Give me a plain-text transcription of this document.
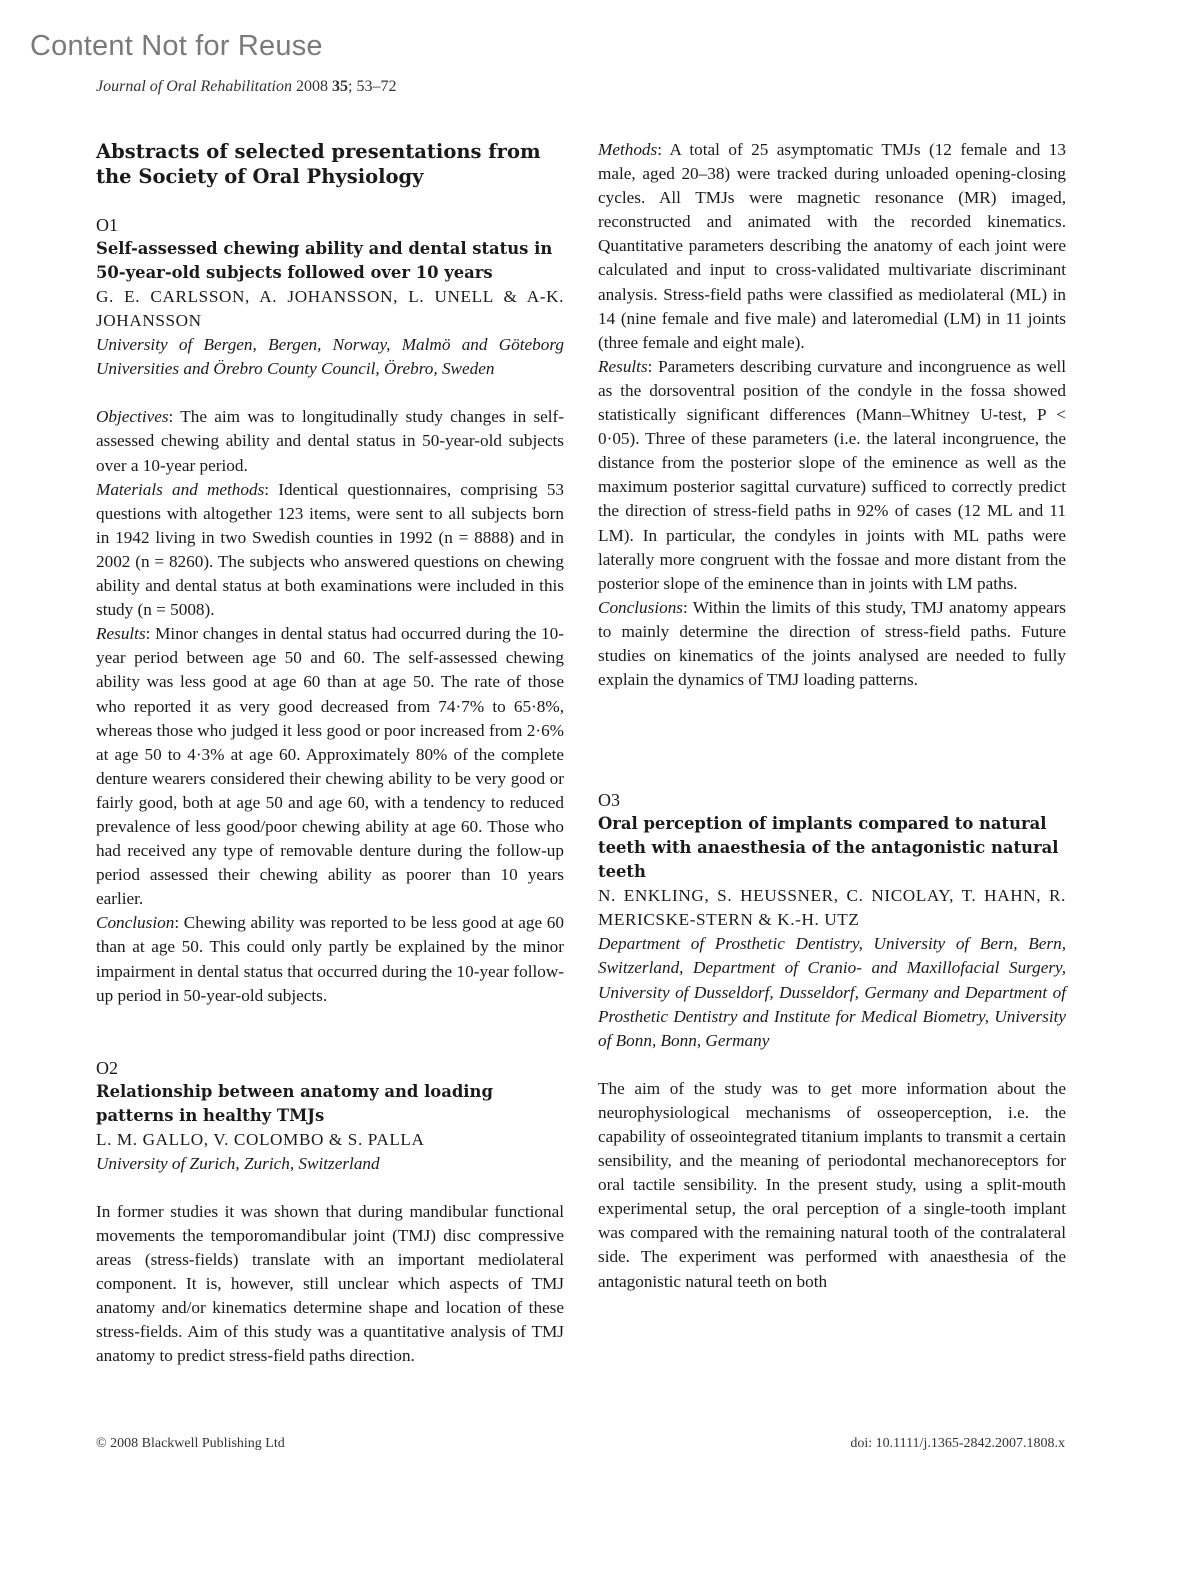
Content Not for Reuse
Journal of Oral Rehabilitation 2008 35; 53–72
Abstracts of selected presentations from the Society of Oral Physiology
O1
Self-assessed chewing ability and dental status in 50-year-old subjects followed over 10 years
G. E. CARLSSON, A. JOHANSSON, L. UNELL & A-K. JOHANSSON
University of Bergen, Bergen, Norway, Malmö and Göteborg Universities and Örebro County Council, Örebro, Sweden
Objectives: The aim was to longitudinally study changes in self-assessed chewing ability and dental status in 50-year-old subjects over a 10-year period.
Materials and methods: Identical questionnaires, comprising 53 questions with altogether 123 items, were sent to all subjects born in 1942 living in two Swedish counties in 1992 (n = 8888) and in 2002 (n = 8260). The subjects who answered questions on chewing ability and dental status at both examinations were included in this study (n = 5008).
Results: Minor changes in dental status had occurred during the 10-year period between age 50 and 60. The self-assessed chewing ability was less good at age 60 than at age 50. The rate of those who reported it as very good decreased from 74·7% to 65·8%, whereas those who judged it less good or poor increased from 2·6% at age 50 to 4·3% at age 60. Approximately 80% of the complete denture wearers considered their chewing ability to be very good or fairly good, both at age 50 and age 60, with a tendency to reduced prevalence of less good/poor chewing ability at age 60. Those who had received any type of removable denture during the follow-up period assessed their chewing ability as poorer than 10 years earlier.
Conclusion: Chewing ability was reported to be less good at age 60 than at age 50. This could only partly be explained by the minor impairment in dental status that occurred during the 10-year follow-up period in 50-year-old subjects.
O2
Relationship between anatomy and loading patterns in healthy TMJs
L. M. GALLO, V. COLOMBO & S. PALLA
University of Zurich, Zurich, Switzerland
In former studies it was shown that during mandibular functional movements the temporomandibular joint (TMJ) disc compressive areas (stress-fields) translate with an important mediolateral component. It is, however, still unclear which aspects of TMJ anatomy and/or kinematics determine shape and location of these stress-fields. Aim of this study was a quantitative analysis of TMJ anatomy to predict stress-field paths direction.
Methods: A total of 25 asymptomatic TMJs (12 female and 13 male, aged 20–38) were tracked during unloaded opening-closing cycles. All TMJs were magnetic resonance (MR) imaged, reconstructed and animated with the recorded kinematics. Quantitative parameters describing the anatomy of each joint were calculated and input to cross-validated multivariate discriminant analysis. Stress-field paths were classified as mediolateral (ML) in 14 (nine female and five male) and lateromedial (LM) in 11 joints (three female and eight male).
Results: Parameters describing curvature and incongruence as well as the dorsoventral position of the condyle in the fossa showed statistically significant differences (Mann–Whitney U-test, P < 0·05). Three of these parameters (i.e. the lateral incongruence, the distance from the posterior slope of the eminence as well as the maximum posterior sagittal curvature) sufficed to correctly predict the direction of stress-field paths in 92% of cases (12 ML and 11 LM). In particular, the condyles in joints with ML paths were laterally more congruent with the fossae and more distant from the posterior slope of the eminence than in joints with LM paths.
Conclusions: Within the limits of this study, TMJ anatomy appears to mainly determine the direction of stress-field paths. Future studies on kinematics of the joints analysed are needed to fully explain the dynamics of TMJ loading patterns.
O3
Oral perception of implants compared to natural teeth with anaesthesia of the antagonistic natural teeth
N. ENKLING, S. HEUSSNER, C. NICOLAY, T. HAHN, R. MERICSKE-STERN & K.-H. UTZ
Department of Prosthetic Dentistry, University of Bern, Bern, Switzerland, Department of Cranio- and Maxillofacial Surgery, University of Dusseldorf, Dusseldorf, Germany and Department of Prosthetic Dentistry and Institute for Medical Biometry, University of Bonn, Bonn, Germany
The aim of the study was to get more information about the neurophysiological mechanisms of osseoperception, i.e. the capability of osseointegrated titanium implants to transmit a certain sensibility, and the meaning of periodontal mechanoreceptors for oral tactile sensibility. In the present study, using a split-mouth experimental setup, the oral perception of a single-tooth implant was compared with the remaining natural tooth of the contralateral side. The experiment was performed with anaesthesia of the antagonistic natural teeth on both
© 2008 Blackwell Publishing Ltd	doi: 10.1111/j.1365-2842.2007.1808.x
